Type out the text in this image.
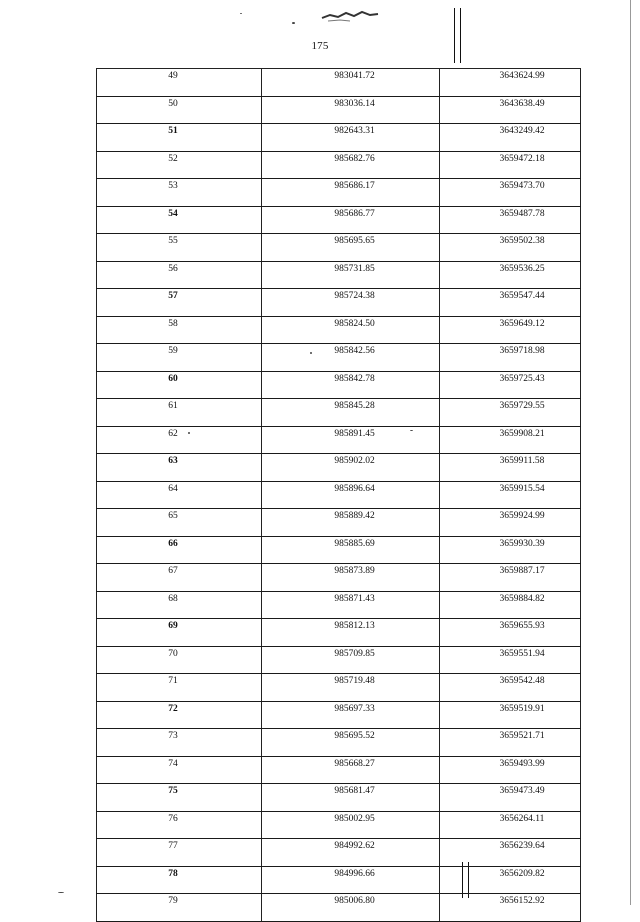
175
49	983041.72	3643624.99
50	983036.14	3643638.49
51	982643.31	3643249.42
52	985682.76	3659472.18
53	985686.17	3659473.70
54	985686.77	3659487.78
55	985695.65	3659502.38
56	985731.85	3659536.25
57	985724.38	3659547.44
58	985824.50	3659649.12
59	985842.56	3659718.98
60	985842.78	3659725.43
61	985845.28	3659729.55
62	985891.45	3659908.21
63	985902.02	3659911.58
64	985896.64	3659915.54
65	985889.42	3659924.99
66	985885.69	3659930.39
67	985873.89	3659887.17
68	985871.43	3659884.82
69	985812.13	3659655.93
70	985709.85	3659551.94
71	985719.48	3659542.48
72	985697.33	3659519.91
73	985695.52	3659521.71
74	985668.27	3659493.99
75	985681.47	3659473.49
76	985002.95	3656264.11
77	984992.62	3656239.64
78	984996.66	3656209.82
79	985006.80	3656152.92
